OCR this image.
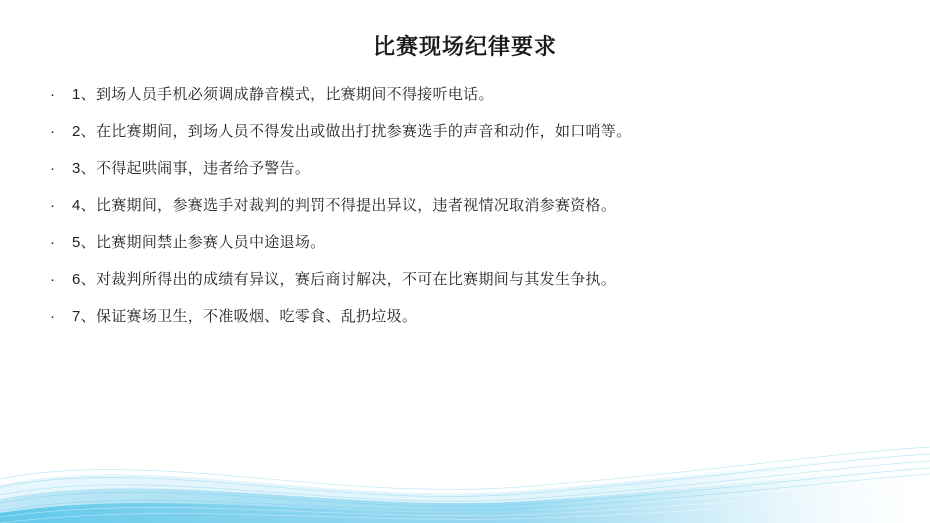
比赛现场纪律要求
· 1、到场人员手机必须调成静音模式，比赛期间不得接听电话。
· 2、在比赛期间，到场人员不得发出或做出打扰参赛选手的声音和动作，如口哨等。
· 3、不得起哄闹事，违者给予警告。
· 4、比赛期间，参赛选手对裁判的判罚不得提出异议，违者视情况取消参赛资格。
· 5、比赛期间禁止参赛人员中途退场。
· 6、对裁判所得出的成绩有异议，赛后商讨解决，不可在比赛期间与其发生争执。
· 7、保证赛场卫生，不准吸烟、吃零食、乱扔垃圾。
